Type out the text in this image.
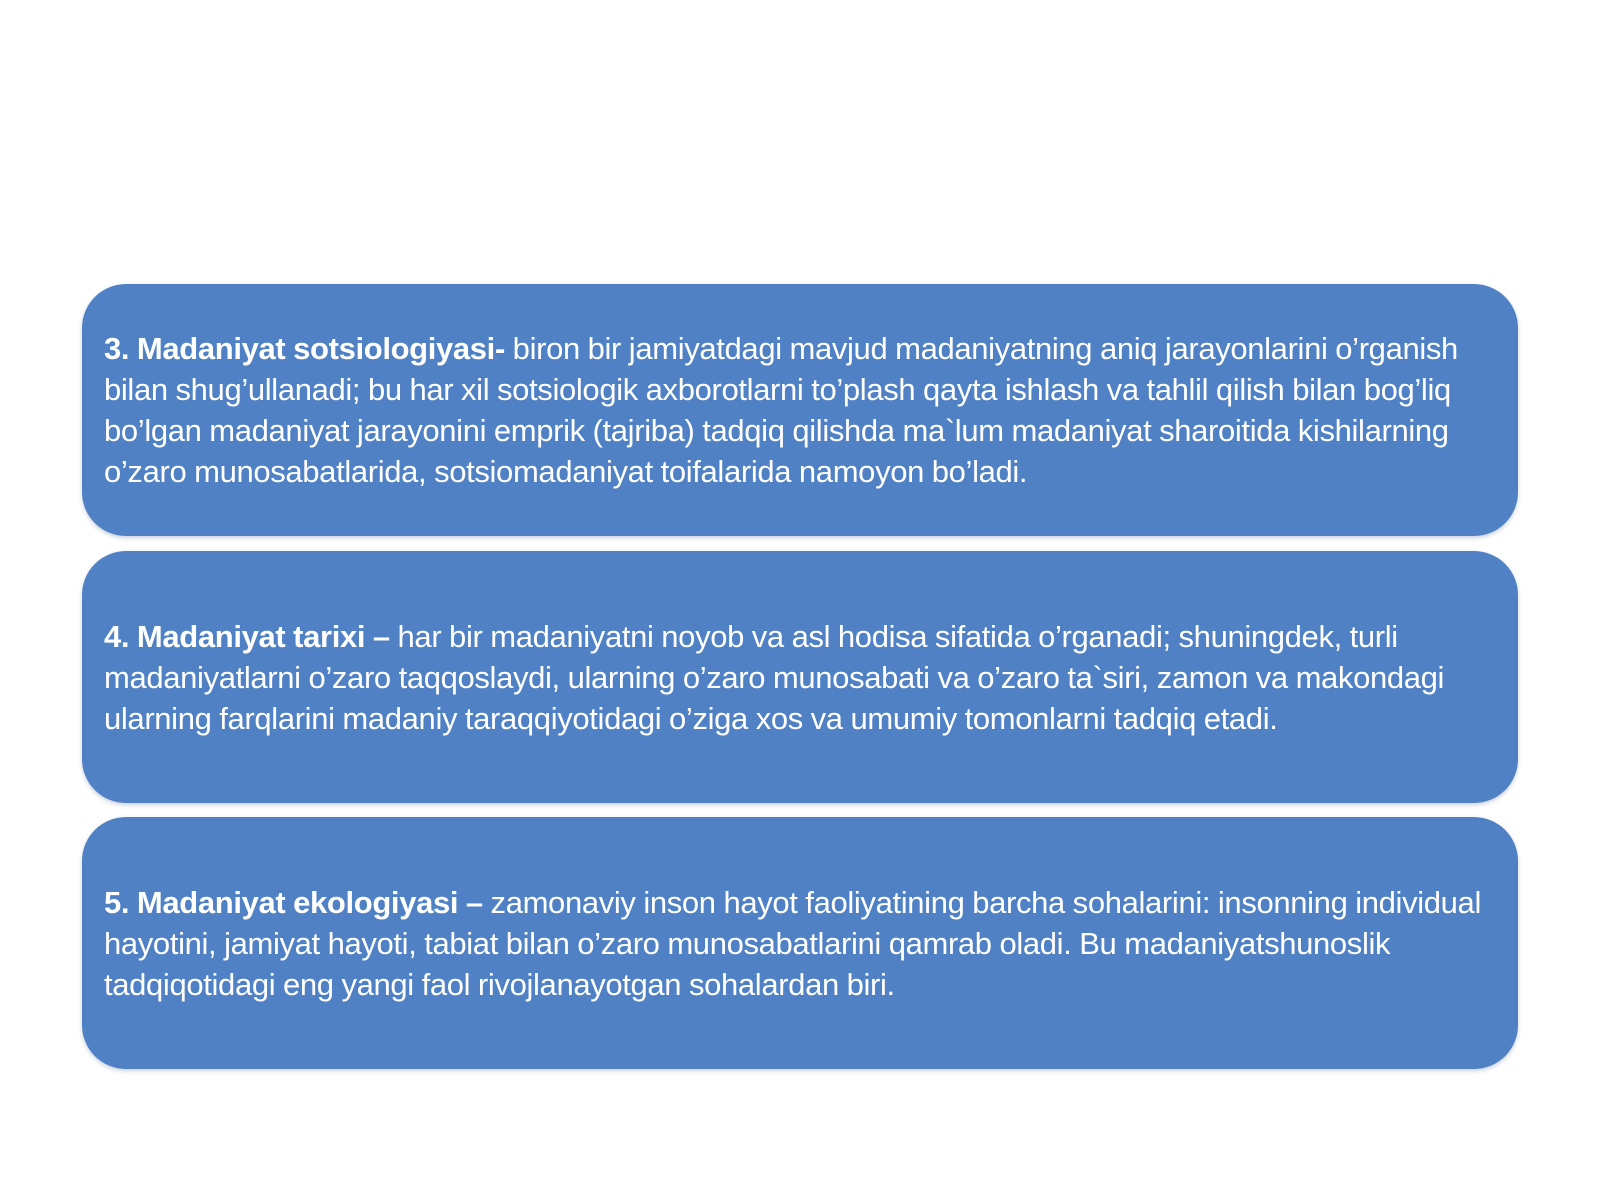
3. Madaniyat sotsiologiyasi- biron bir jamiyatdagi mavjud madaniyatning aniq jarayonlarini o’rganish bilan shug’ullanadi; bu har xil sotsiologik axborotlarni to’plash qayta ishlash va tahlil qilish bilan bog’liq bo’lgan madaniyat jarayonini emprik (tajriba) tadqiq qilishda ma`lum madaniyat sharoitida kishilarning o’zaro munosabatlarida, sotsiomadaniyat toifalarida namoyon bo’ladi.

4. Madaniyat tarixi – har bir madaniyatni noyob va asl hodisa sifatida o’rganadi; shuningdek, turli madaniyatlarni o’zaro taqqoslaydi, ularning o’zaro munosabati va o’zaro ta`siri, zamon va makondagi ularning farqlarini madaniy taraqqiyotidagi o’ziga xos va umumiy tomonlarni tadqiq etadi.

5. Madaniyat ekologiyasi – zamonaviy inson hayot faoliyatining barcha sohalarini: insonning individual hayotini, jamiyat hayoti, tabiat bilan o’zaro munosabatlarini qamrab oladi. Bu madaniyatshunoslik tadqiqotidagi eng yangi faol rivojlanayotgan sohalardan biri.
